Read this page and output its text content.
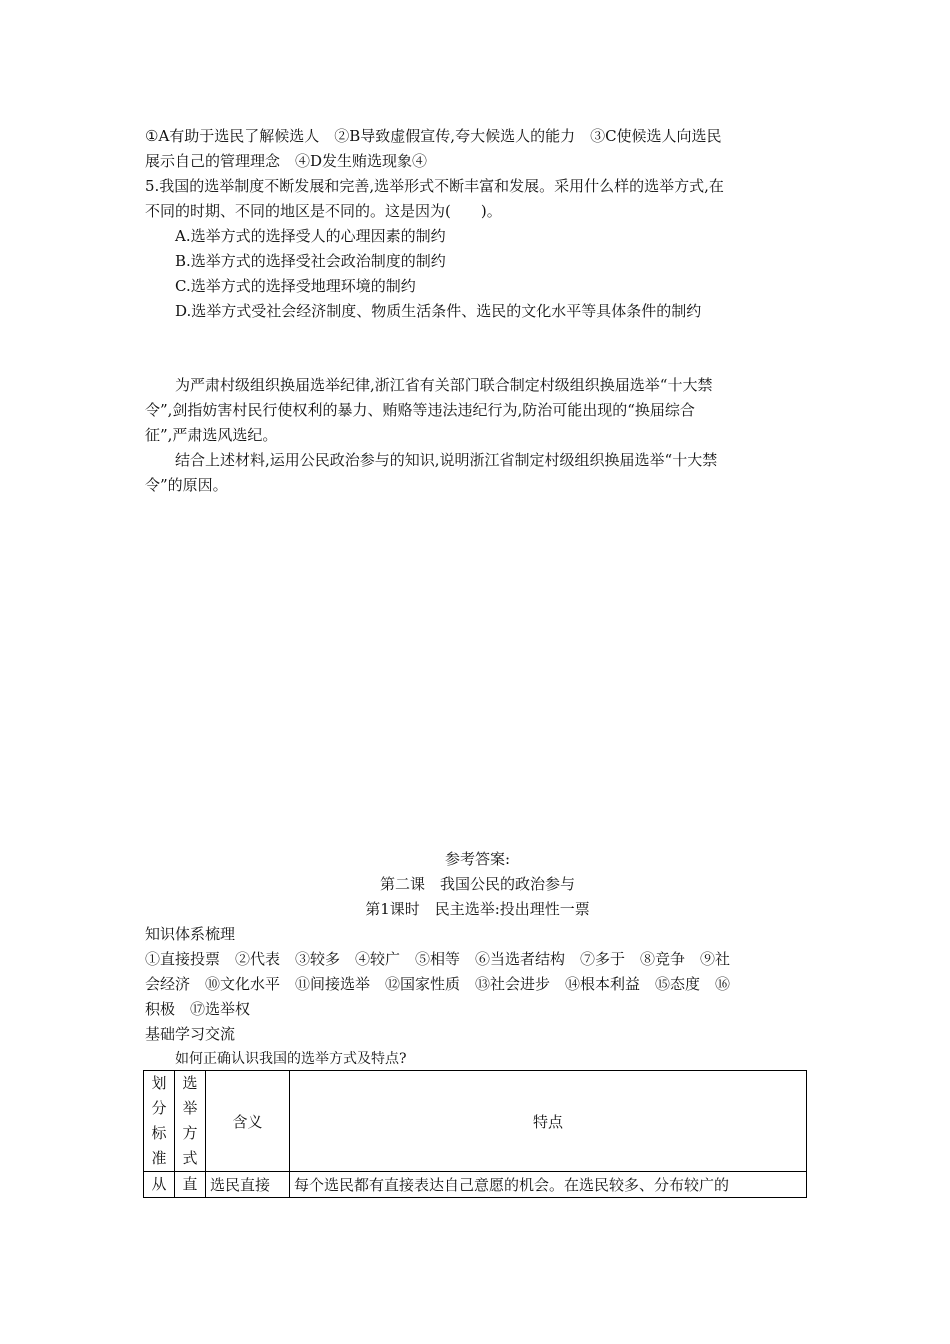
①A有助于选民了解候选人　②B导致虚假宣传,夸大候选人的能力　③C使候选人向选民

展示自己的管理理念　④D发生贿选现象④

5.我国的选举制度不断发展和完善,选举形式不断丰富和发展。采用什么样的选举方式,在

不同的时期、不同的地区是不同的。这是因为(　　)。

A.选举方式的选择受人的心理因素的制约

B.选举方式的选择受社会政治制度的制约

C.选举方式的选择受地理环境的制约

D.选举方式受社会经济制度、物质生活条件、选民的文化水平等具体条件的制约

为严肃村级组织换届选举纪律,浙江省有关部门联合制定村级组织换届选举“十大禁

令”,剑指妨害村民行使权利的暴力、贿赂等违法违纪行为,防治可能出现的“换届综合

征”,严肃选风选纪。

结合上述材料,运用公民政治参与的知识,说明浙江省制定村级组织换届选举“十大禁

令”的原因。

参考答案:

第二课　我国公民的政治参与

第1课时　民主选举:投出理性一票

知识体系梳理

①直接投票　②代表　③较多　④较广　⑤相等　⑥当选者结构　⑦多于　⑧竞争　⑨社

会经济　⑩文化水平　⑪间接选举　⑫国家性质　⑬社会进步　⑭根本利益　⑮态度　⑯

积极　⑰选举权

基础学习交流

如何正确认识我国的选举方式及特点?

划
分
标
准	选
举
方
式	含义	特点
从	直	选民直接	每个选民都有直接表达自己意愿的机会。在选民较多、分布较广的
